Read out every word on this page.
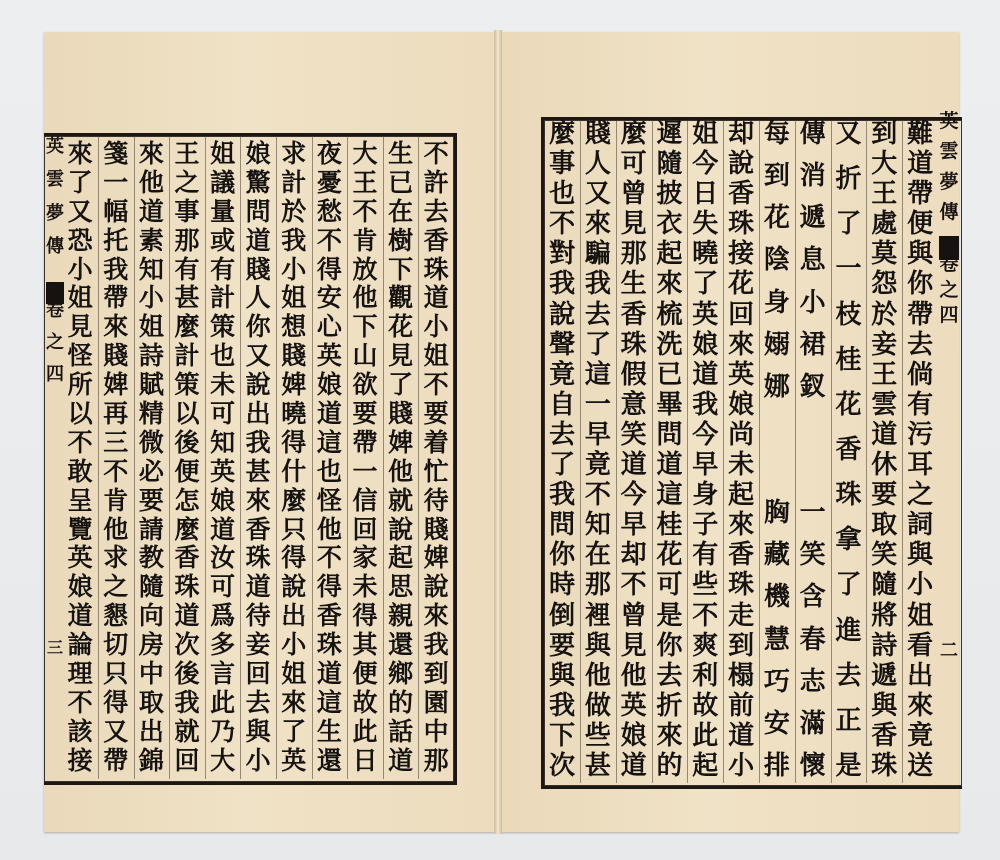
英
雲
夢
傳
卷
之
四
三
英
雲
夢
傳
卷
之
四
二
不
許
去
香
珠
道
小
姐
不
要
着
忙
待
賤
婢
說
來
我
到
園
中
那
生
已
在
樹
下
觀
花
見
了
賤
婢
他
就
說
起
思
親
還
鄉
的
話
道
大
王
不
肯
放
他
下
山
欲
要
帶
一
信
回
家
未
得
其
便
故
此
日
夜
憂
愁
不
得
安
心
英
娘
道
這
也
怪
他
不
得
香
珠
道
這
生
還
求
計
於
我
小
姐
想
賤
婢
曉
得
什
麼
只
得
說
出
小
姐
來
了
英
娘
驚
問
道
賤
人
你
又
說
出
我
甚
來
香
珠
道
待
妾
回
去
與
小
姐
議
量
或
有
計
策
也
未
可
知
英
娘
道
汝
可
爲
多
言
此
乃
大
王
之
事
那
有
甚
麼
計
策
以
後
便
怎
麼
香
珠
道
次
後
我
就
回
來
他
道
素
知
小
姐
詩
賦
精
微
必
要
請
教
隨
向
房
中
取
出
錦
箋
一
幅
托
我
帶
來
賤
婢
再
三
不
肯
他
求
之
懇
切
只
得
又
帶
來
了
又
恐
小
姐
見
怪
所
以
不
敢
呈
覽
英
娘
道
論
理
不
該
接
難
道
帶
便
與
你
帶
去
倘
有
污
耳
之
詞
與
小
姐
看
出
來
竟
送
到
大
王
處
莫
怨
於
妾
王
雲
道
休
要
取
笑
隨
將
詩
遞
與
香
珠
又
折
了
一
枝
桂
花
香
珠
拿
了
進
去
正
是
傳
消
遞
息
小
裙
釵
一
笑
含
春
志
滿
懷
每
到
花
陰
身
嫋
娜
胸
藏
機
慧
巧
安
排
却
說
香
珠
接
花
回
來
英
娘
尚
未
起
來
香
珠
走
到
榻
前
道
小
姐
今
日
失
曉
了
英
娘
道
我
今
早
身
子
有
些
不
爽
利
故
此
起
遲
隨
披
衣
起
來
梳
洗
已
畢
問
道
這
桂
花
可
是
你
去
折
來
的
麼
可
曾
見
那
生
香
珠
假
意
笑
道
今
早
却
不
曾
見
他
英
娘
道
賤
人
又
來
騙
我
去
了
這
一
早
竟
不
知
在
那
裡
與
他
做
些
甚
麼
事
也
不
對
我
說
聲
竟
自
去
了
我
問
你
時
倒
要
與
我
下
次
